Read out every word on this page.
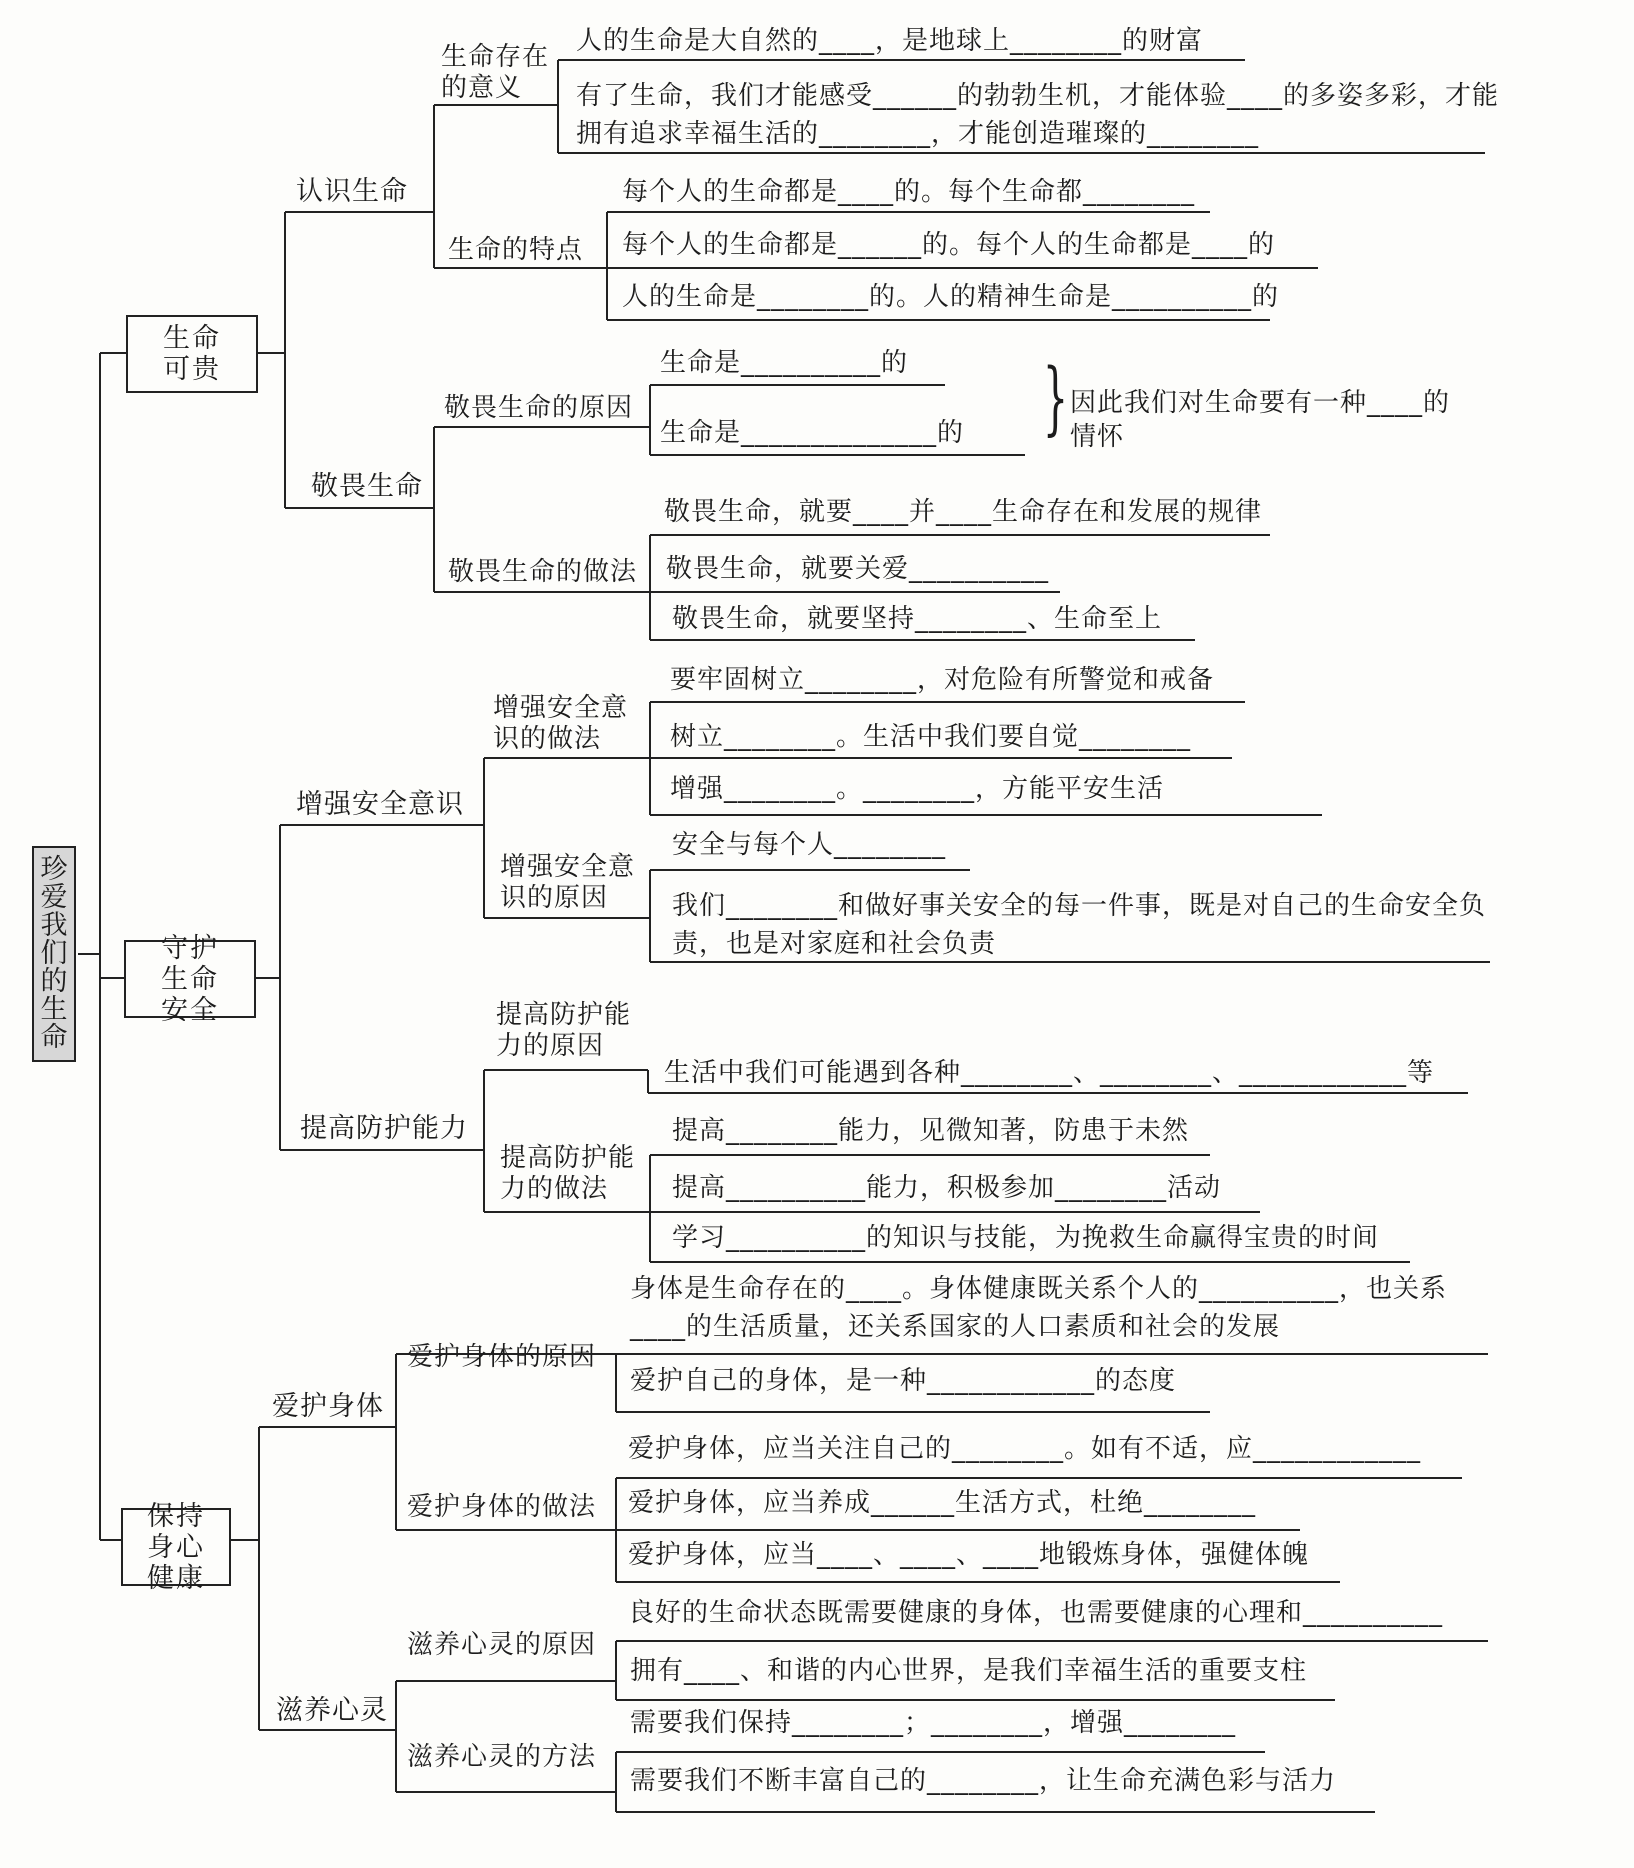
珍爱我们的生命
生命可贵
守护生命安全
保持身心健康
认识生命
敬畏生命
增强安全意识
提高防护能力
爱护身体
滋养心灵
生命存在的意义
生命的特点
敬畏生命的原因
敬畏生命的做法
增强安全意识的做法
增强安全意识的原因
提高防护能力的原因
提高防护能力的做法
爱护身体的原因
爱护身体的做法
滋养心灵的原因
滋养心灵的方法
人的生命是大自然的____，是地球上________的财富
有了生命，我们才能感受______的勃勃生机，才能体验____的多姿多彩，才能拥有追求幸福生活的________，才能创造璀璨的________
每个人的生命都是____的。每个生命都________
每个人的生命都是______的。每个人的生命都是____的
人的生命是________的。人的精神生命是__________的
生命是__________的
生命是______________的 } 因此我们对生命要有一种____的情怀
敬畏生命，就要____并____生命存在和发展的规律
敬畏生命，就要关爱__________
敬畏生命，就要坚持________、生命至上
要牢固树立________，对危险有所警觉和戒备
树立________。生活中我们要自觉________
增强________。________，方能平安生活
安全与每个人________
我们________和做好事关安全的每一件事，既是对自己的生命安全负责，也是对家庭和社会负责
生活中我们可能遇到各种________、________、____________等
提高________能力，见微知著，防患于未然
提高__________能力，积极参加________活动
学习__________的知识与技能，为挽救生命赢得宝贵的时间
身体是生命存在的____。身体健康既关系个人的__________，也关系____的生活质量，还关系国家的人口素质和社会的发展
爱护自己的身体，是一种____________的态度
爱护身体，应当关注自己的________。如有不适，应____________
爱护身体，应当养成______生活方式，杜绝________
爱护身体，应当____、____、____地锻炼身体，强健体魄
良好的生命状态既需要健康的身体，也需要健康的心理和__________
拥有____、和谐的内心世界，是我们幸福生活的重要支柱
需要我们保持________；________，增强________
需要我们不断丰富自己的________，让生命充满色彩与活力
